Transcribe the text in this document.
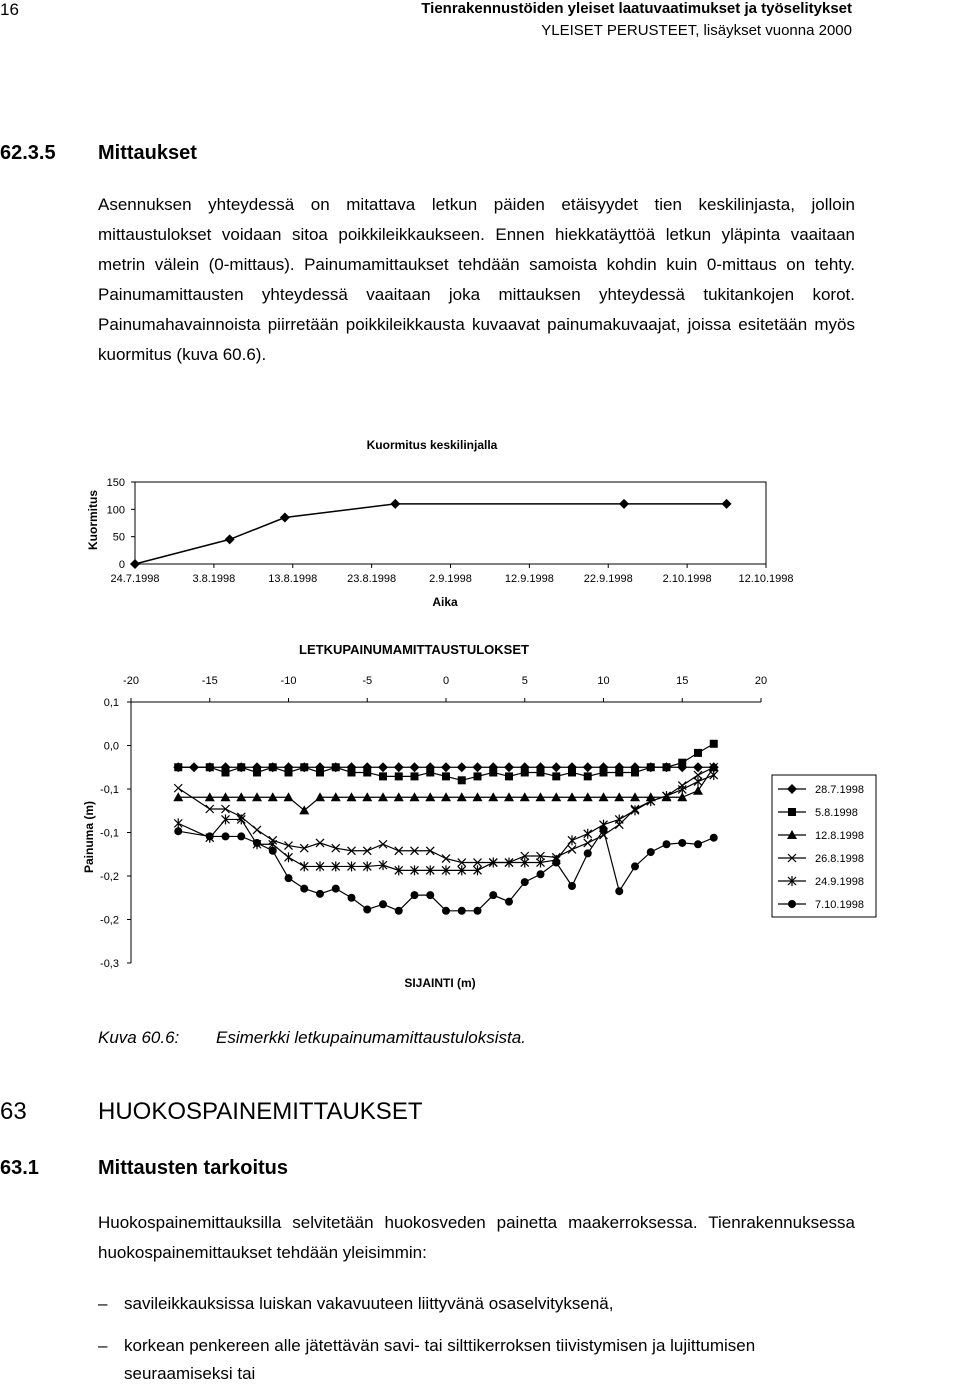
16	Tienrakennustöiden yleiset laatuvaatimukset ja työselitykset
YLEISET PERUSTEET, lisäykset vuonna 2000
62.3.5 Mittaukset

Asennuksen yhteydessä on mitattava letkun päiden etäisyydet tien keskilinjasta, jolloin mittaustulokset voidaan sitoa poikkileikkaukseen. Ennen hiekkatäyttöä letkun yläpinta vaaitaan metrin välein (0-mittaus). Painumamittaukset tehdään samoista kohdin kuin 0-mittaus on tehty. Painumamittausten yhteydessä vaaitaan joka mittauksen yhteydessä tukitankojen korot. Painumahavainnoista piirretään poikkileikkausta kuvaavat painumakuvaajat, joissa esitetään myös kuormitus (kuva 60.6).

Kuormitus keskilinjalla
Kuormitus
Aika
0
50
100
150
24.7.1998	3.8.1998	13.8.1998	23.8.1998	2.9.1998	12.9.1998	22.9.1998	2.10.1998 12.10.1998
LETKUPAINUMAMITTAUSTULOKSET
Painuma (m)
SIJAINTI (m)
-20	-15	-10	-5	0	5	10	15	20
0,1
0,0
-0,1
-0,1
-0,2
-0,2
-0,3
28.7.1998
5.8.1998
12.8.1998
26.8.1998
24.9.1998
7.10.1998
Kuva 60.6: Esimerkki letkupainumamittaustuloksista.
63	HUOKOSPAINEMITTAUKSET
63.1	Mittausten tarkoitus

Huokospainemittauksilla selvitetään huokosveden painetta maakerroksessa. Tienrakennuksessa huokospainemittaukset tehdään yleisimmin:

– savileikkauksissa luiskan vakavuuteen liittyvänä osaselvityksenä,
– korkean penkereen alle jätettävän savi- tai silttikerroksen tiivistymisen ja lujittumisen seuraamiseksi tai
